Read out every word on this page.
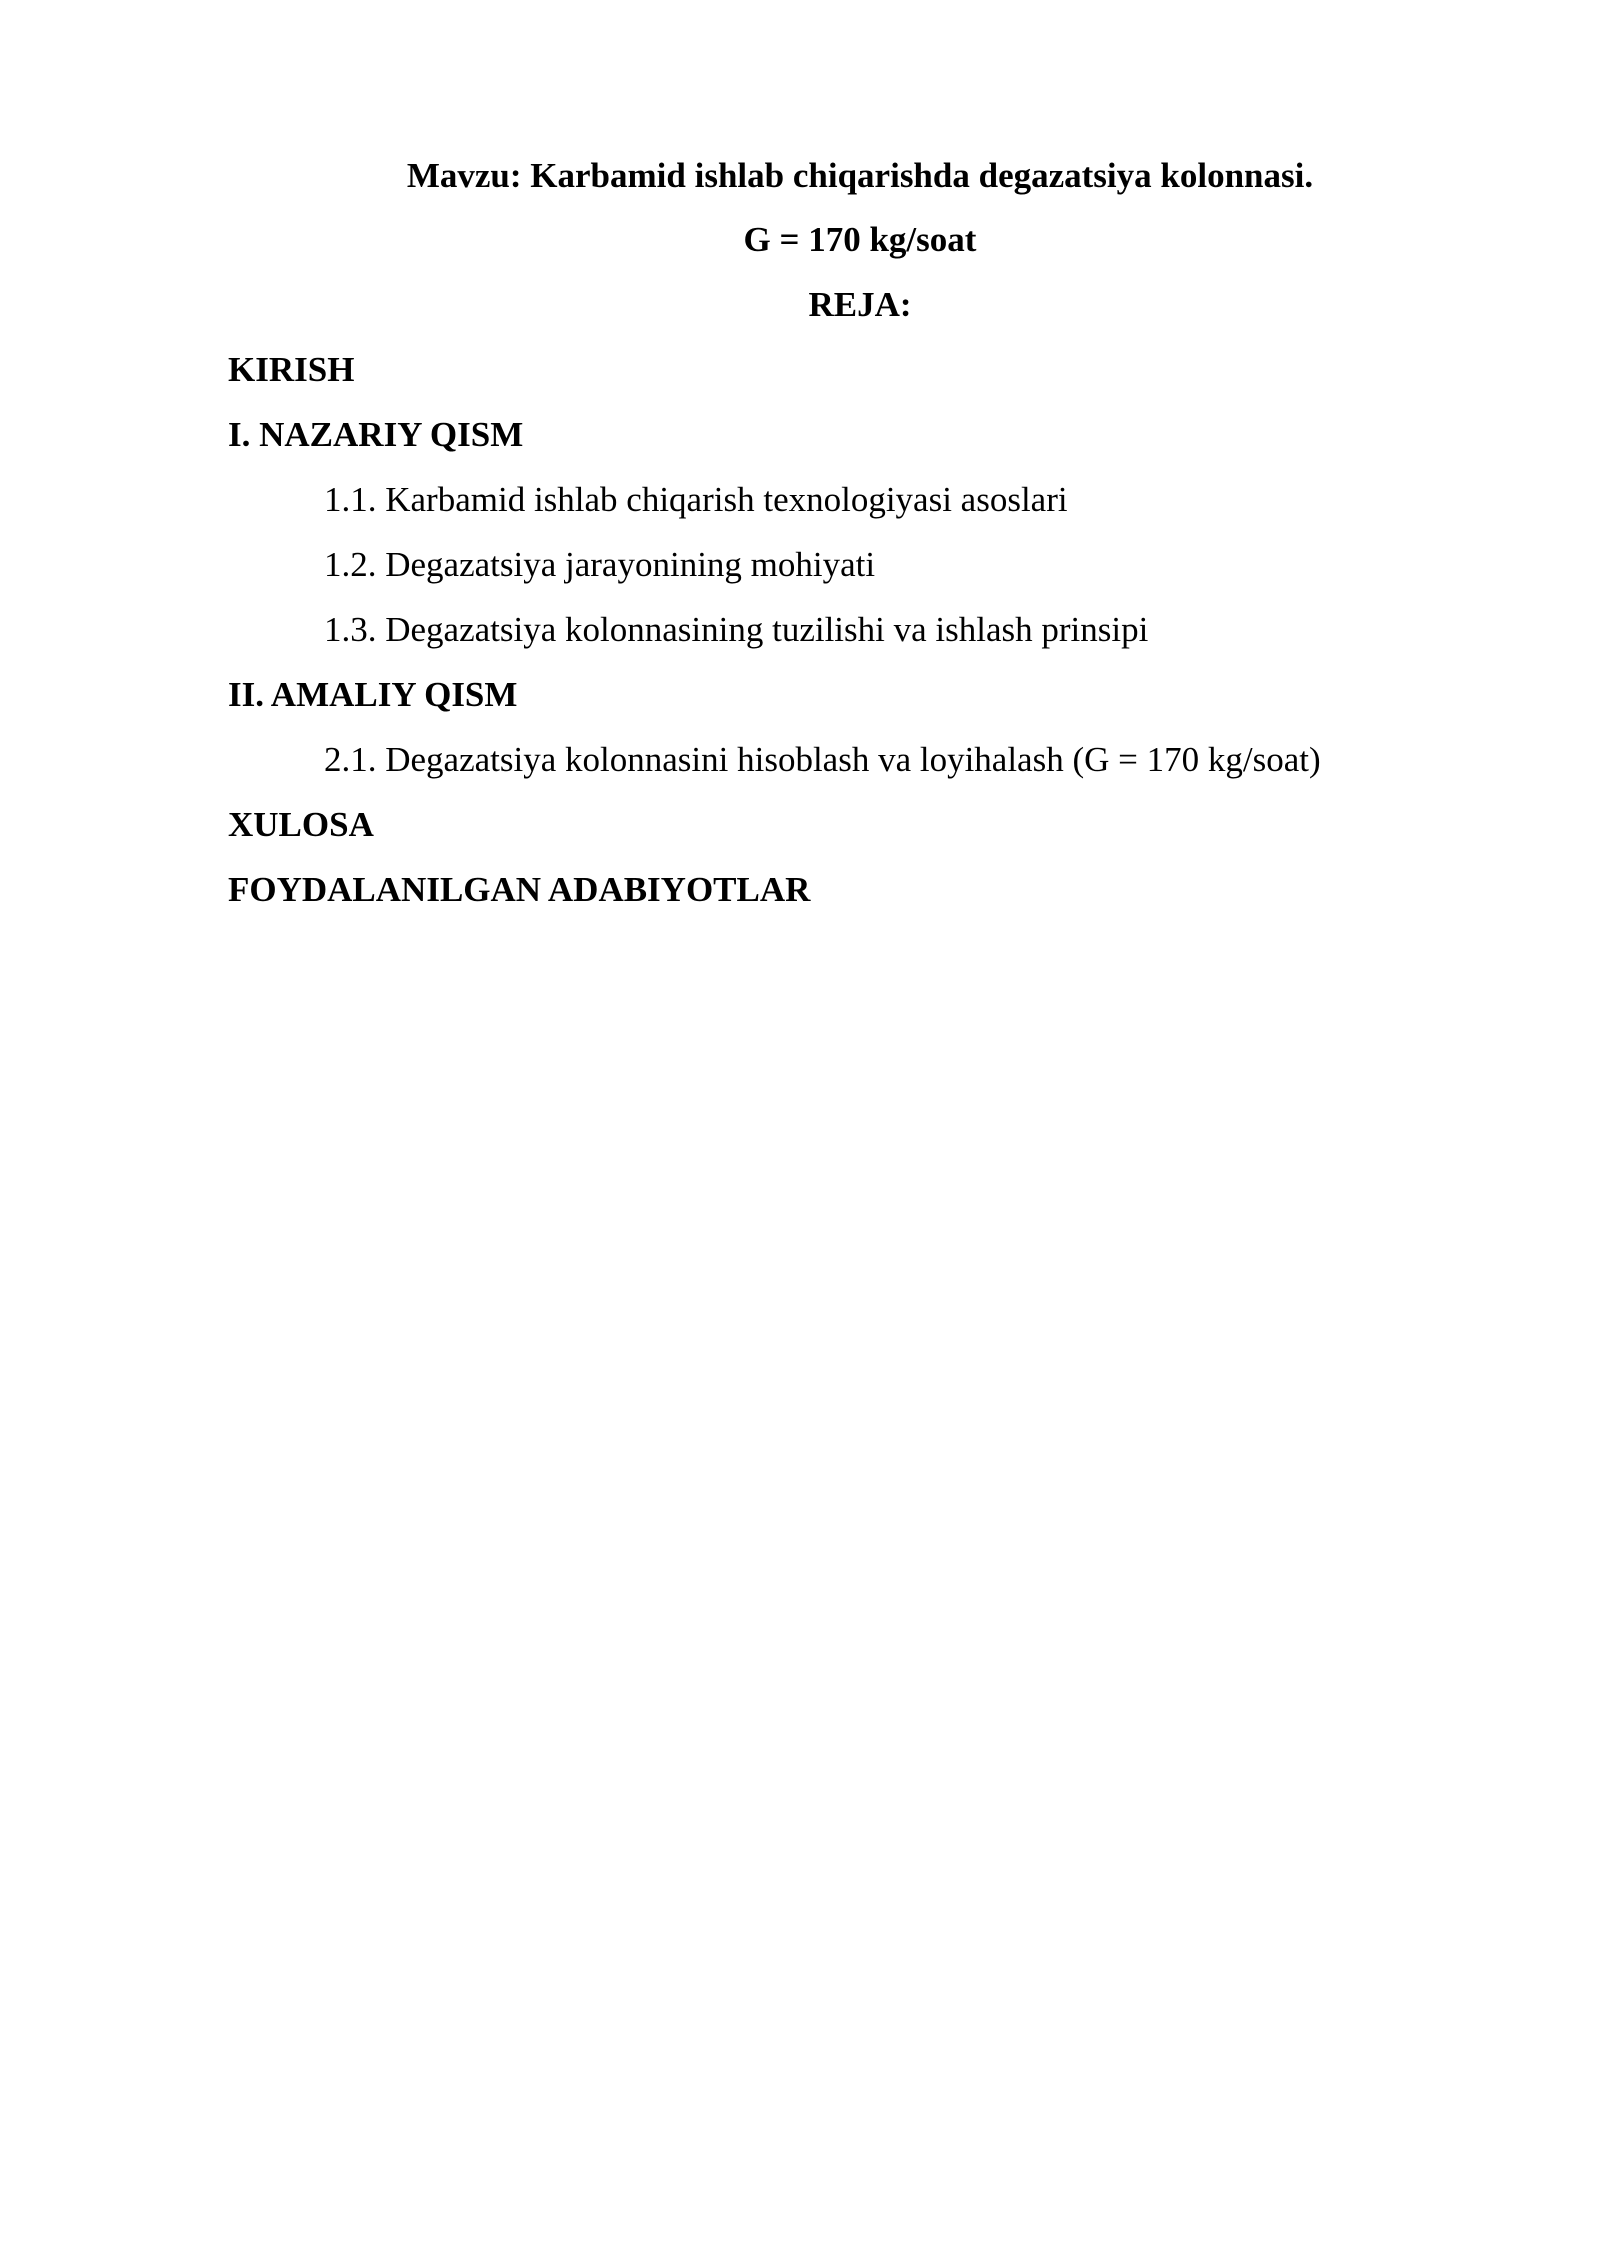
Mavzu: Karbamid ishlab chiqarishda degazatsiya kolonnasi.
G = 170 kg/soat
REJA:
KIRISH
I. NAZARIY QISM
1.1. Karbamid ishlab chiqarish texnologiyasi asoslari
1.2. Degazatsiya jarayonining mohiyati
1.3. Degazatsiya kolonnasining tuzilishi va ishlash prinsipi
II. AMALIY QISM
2.1. Degazatsiya kolonnasini hisoblash va loyihalash (G = 170 kg/soat)
XULOSA
FOYDALANILGAN ADABIYOTLAR
